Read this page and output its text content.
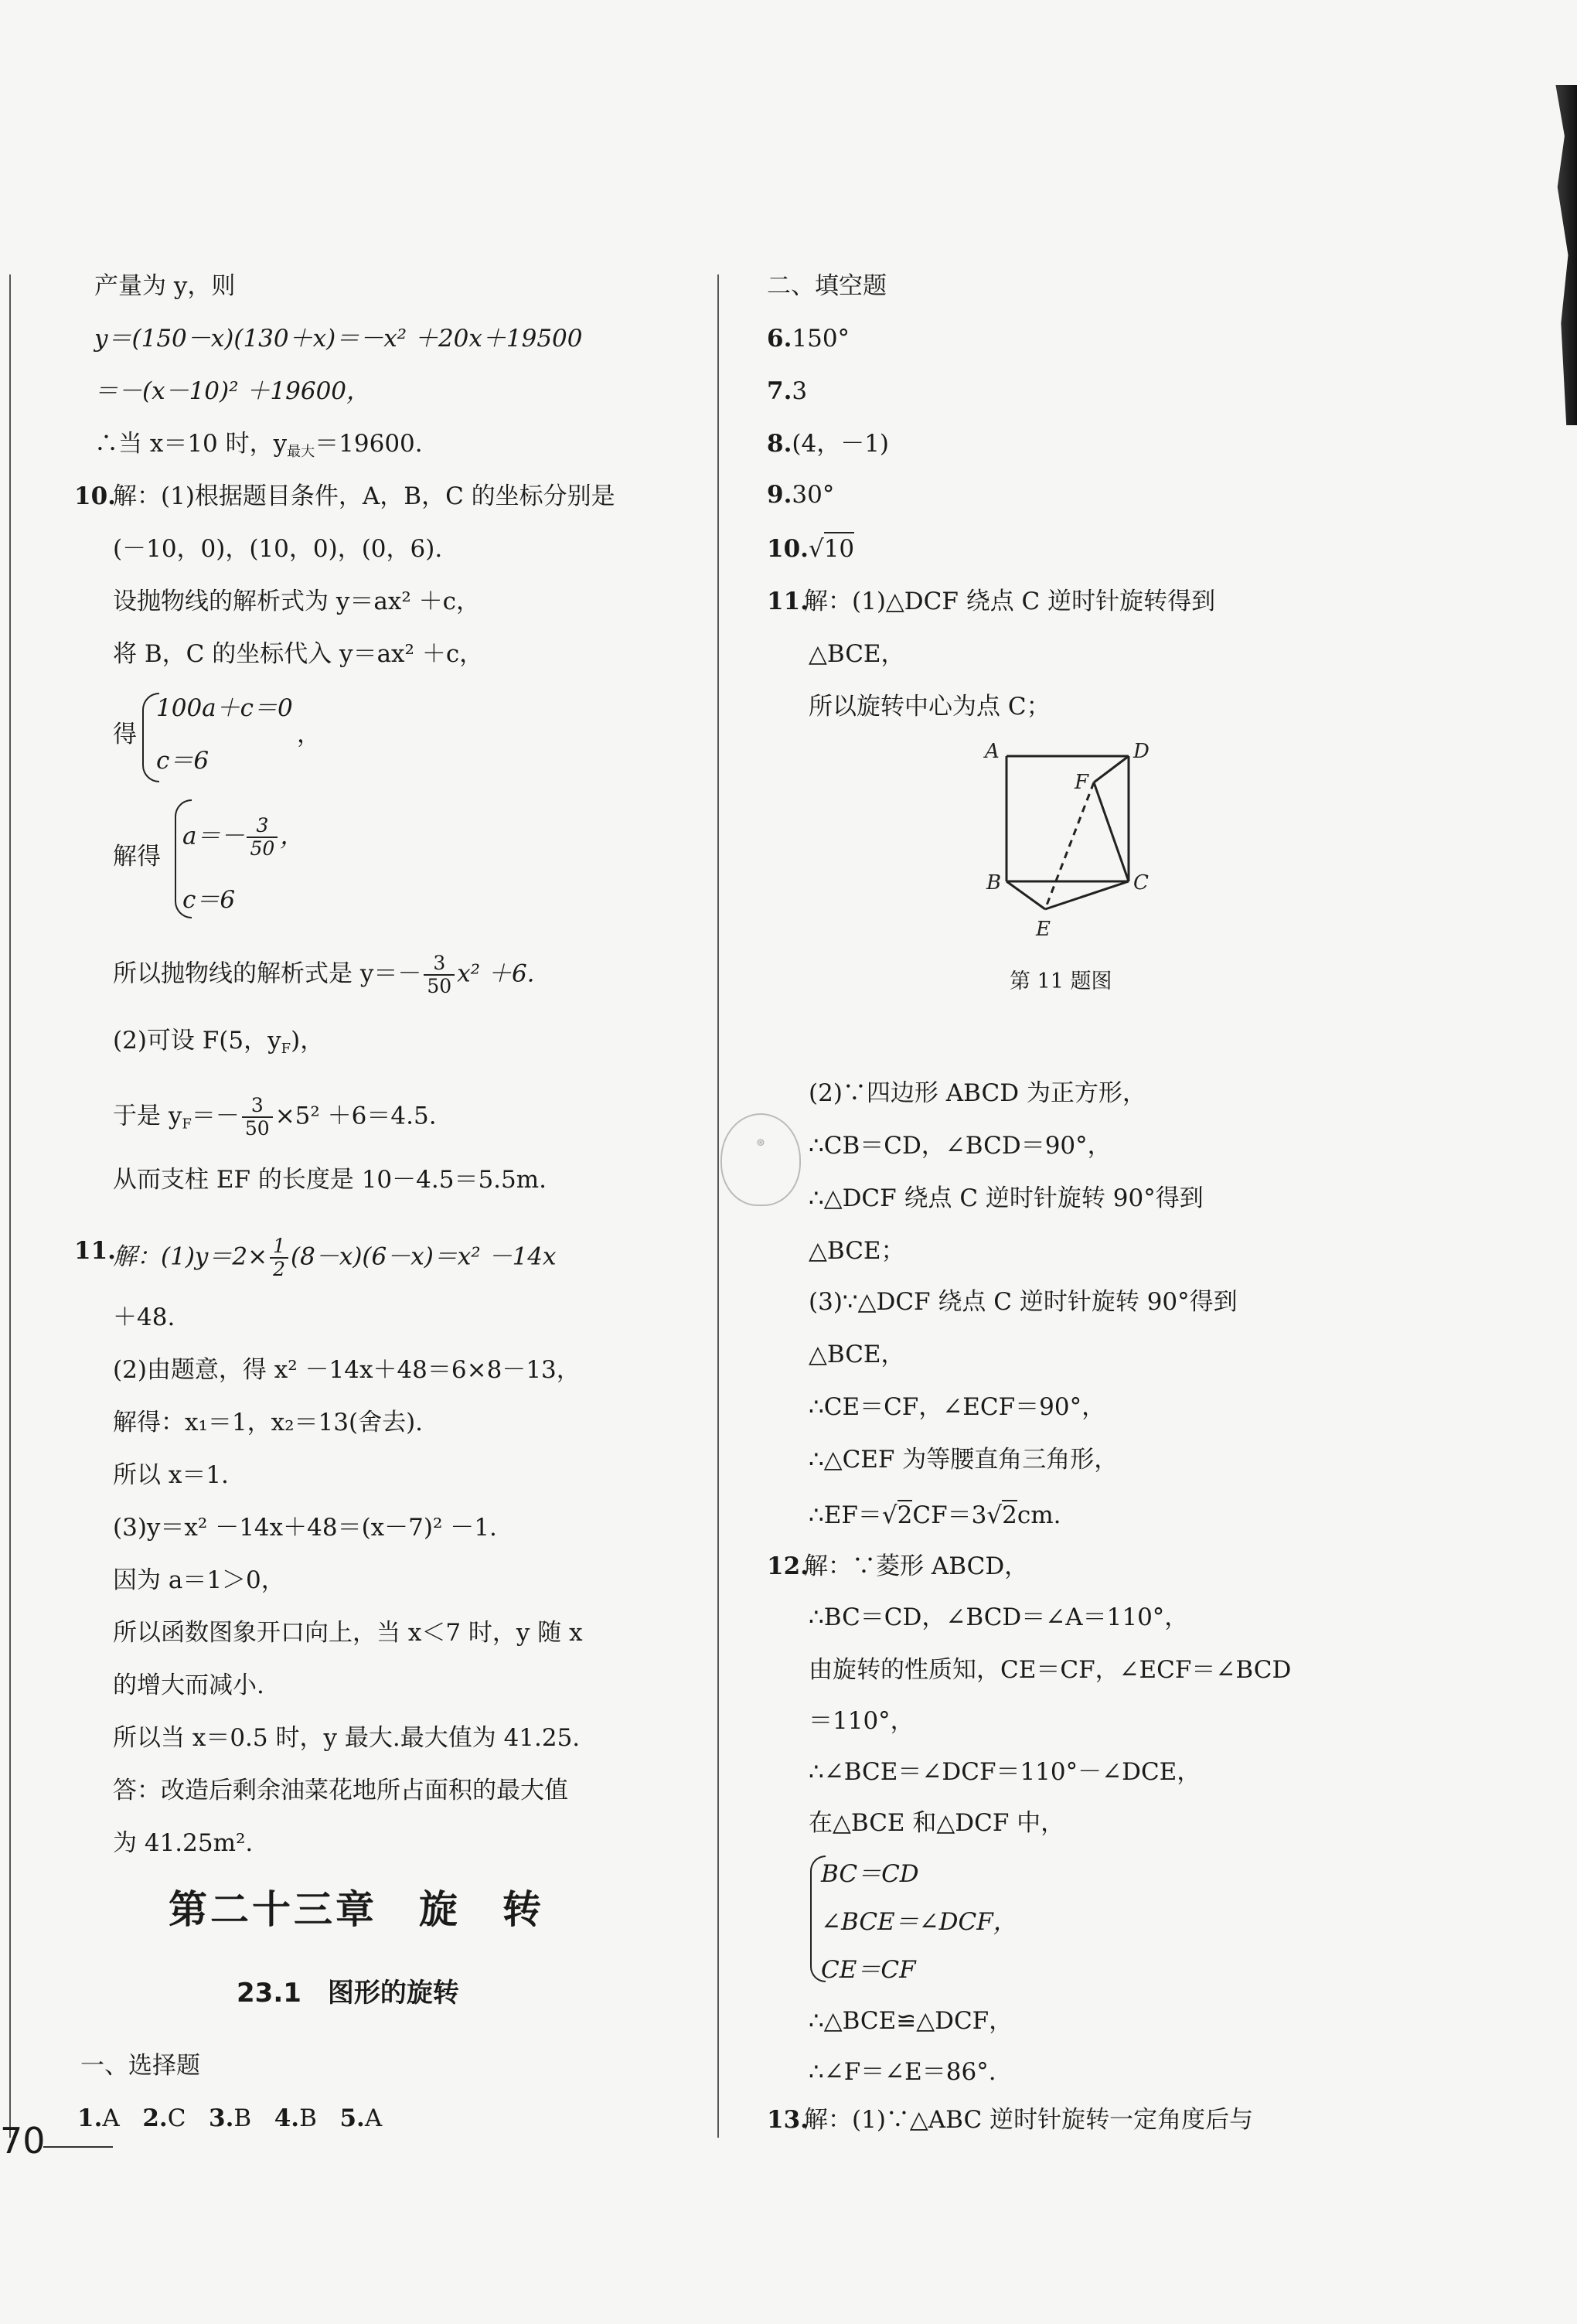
产量为 y，则
y＝(150－x)(130＋x)＝－x² ＋20x＋19500
＝－(x－10)² ＋19600，
∴当 x＝10 时，$y_{最大}=19600$.
10.
解：(1)根据题目条件，A，B，C 的坐标分别是
(－10，0)，(10，0)，(0，6).
设抛物线的解析式为 y＝ax² ＋c，
将 B，C 的坐标代入 y＝ax² ＋c，
得
100a＋c＝0
c＝6
，
解得
$a=- \frac{3}{50}$ ，
c＝6
所以抛物线的解析式是 $y=- \frac{3}{50} x^2 +6$.
(2)可设 F(5，$y_F$)，
于是 $y_F=- \frac{3}{50} \times 5^2 +6=4.5$.
从而支柱 EF 的长度是 10－4.5＝5.5m.
11.
解：$(1)y=2\times \frac{1}{2} (8-x)(6-x)=x^2 -14x$
＋48.
(2)由题意，得 x² －14x＋48＝6×8－13，
解得：x₁＝1，x₂＝13(舍去).
所以 x＝1.
(3)y＝x² －14x＋48＝(x－7)² －1.
因为 a＝1＞0，
所以函数图象开口向上，当 x＜7 时，y 随 x
的增大而减小.
所以当 x＝0.5 时，y 最大.最大值为 41.25.
答：改造后剩余油菜花地所占面积的最大值
为 41.25m².
第二十三章　旋　转
23.1　图形的旋转
一、选择题
1.A 2.C 3.B 4.B 5.A
二、填空题
6.150°
7.3
8.(4，－1)
9.30°
10.√10
11.
解：(1)△DCF 绕点 C 逆时针旋转得到
△BCE，
所以旋转中心为点 C；
A	D
F
B	C
E
第 11 题图
⊛
(2)∵四边形 ABCD 为正方形，
∴CB＝CD，∠BCD＝90°，
∴△DCF 绕点 C 逆时针旋转 90°得到
△BCE；
(3)∵△DCF 绕点 C 逆时针旋转 90°得到
△BCE，
∴CE＝CF，∠ECF＝90°，
∴△CEF 为等腰直角三角形，
∴EF＝√2CF＝3√2cm.
12.
解：∵菱形 ABCD，
∴BC＝CD，∠BCD＝∠A＝110°，
由旋转的性质知，CE＝CF，∠ECF＝∠BCD
＝110°，
∴∠BCE＝∠DCF＝110°－∠DCE，
在△BCE 和△DCF 中，
BC＝CD
∠BCE＝∠DCF，
CE＝CF
∴△BCE≌△DCF，
∴∠F＝∠E＝86°.
13.
解：(1)∵△ABC 逆时针旋转一定角度后与
70
